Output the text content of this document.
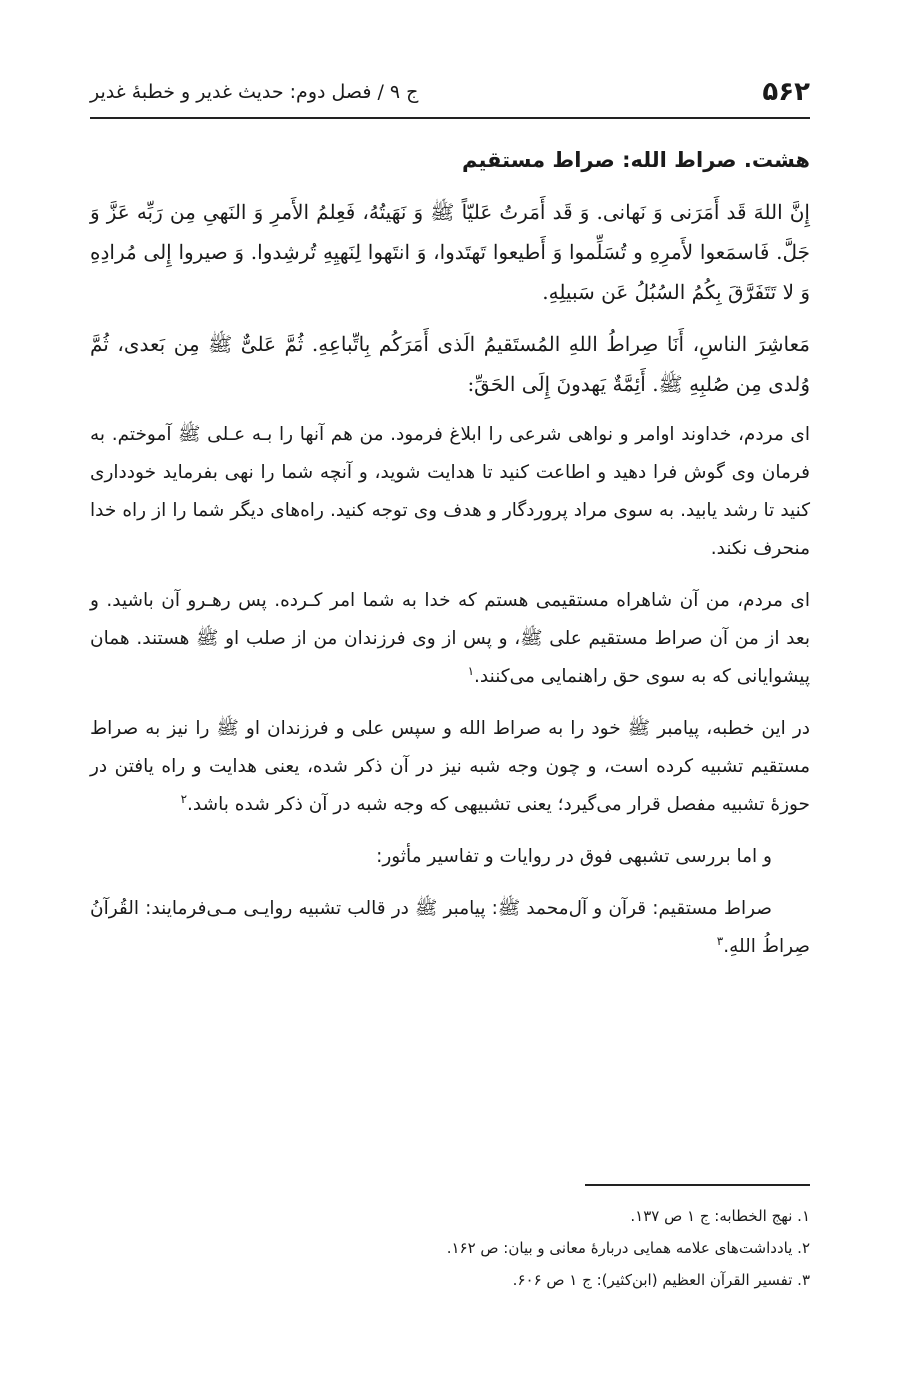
۵۶۲
ج ۹ / فصل دوم: حدیث غدیر و خطبهٔ غدیر
هشت. صراط الله: صراط مستقیم

إِنَّ اللهَ قَد أَمَرَنی وَ نَهانی. وَ قَد أَمَرتُ عَلیّاً ﷺ وَ نَهَیتُهُ، فَعِلمُ الأَمرِ وَ النَهیِ مِن رَبِّه عَزَّ وَ جَلَّ. فَاسمَعوا لأَمرِهِ و تُسَلِّموا وَ أَطیعوا تَهتَدوا، وَ انتَهوا لِنَهیِهِ تُرشِدوا. وَ صیروا إِلی مُرادِهِ وَ لا تَتَفَرَّقَ بِکُمُ السُبُلُ عَن سَبیلِهِ.

مَعاشِرَ الناسِ، أَنَا صِراطُ اللهِ المُستَقیمُ الَذی أَمَرَکُم بِاتِّباعِهِ. ثُمَّ عَلیٌّ ﷺ مِن بَعدی، ثُمَّ وُلدی مِن صُلبِهِ ﷺ. أَئِمَّةٌ یَهدونَ إِلَی الحَقِّ:

ای مردم، خداوند اوامر و نواهی شرعی را ابلاغ فرمود. من هم آنها را بـه عـلی ﷺ آموختم. به فرمان وی گوش فرا دهید و اطاعت کنید تا هدایت شوید، و آنچه شما را نهی بفرماید خودداری کنید تا رشد یابید. به سوی مراد پروردگار و هدف وی توجه کنید. راه‌های دیگر شما را از راه خدا منحرف نکند.

ای مردم، من آن شاهراه مستقیمی هستم که خدا به شما امر کـرده. پس رهـرو آن باشید. و بعد از من آن صراط مستقیم علی ﷺ، و پس از وی فرزندان من از صلب او ﷺ هستند. همان پیشوایانی که به سوی حق راهنمایی می‌کنند.$^۱$

در این خطبه، پیامبر ﷺ خود را به صراط الله و سپس علی و فرزندان او ﷺ را نیز به صراط مستقیم تشبیه کرده است، و چون وجه شبه نیز در آن ذکر شده، یعنی هدایت و راه یافتن در حوزهٔ تشبیه مفصل قرار می‌گیرد؛ یعنی تشبیهی که وجه شبه در آن ذکر شده باشد.$^۲$

و اما بررسی تشبهی فوق در روایات و تفاسیر مأثور:

صراط مستقیم: قرآن و آل‌محمد ﷺ: پیامبر ﷺ در قالب تشبیه روایـی مـی‌فرمایند: القُرآنُ صِراطُ اللهِ.$^۳$

۱. نهج الخطابه: ج ۱ ص ۱۳۷.

۲. یادداشت‌های علامه همایی دربارهٔ معانی و بیان: ص ۱۶۲.

۳. تفسیر القرآن العظیم (ابن‌کثیر): ج ۱ ص ۶۰۶.
